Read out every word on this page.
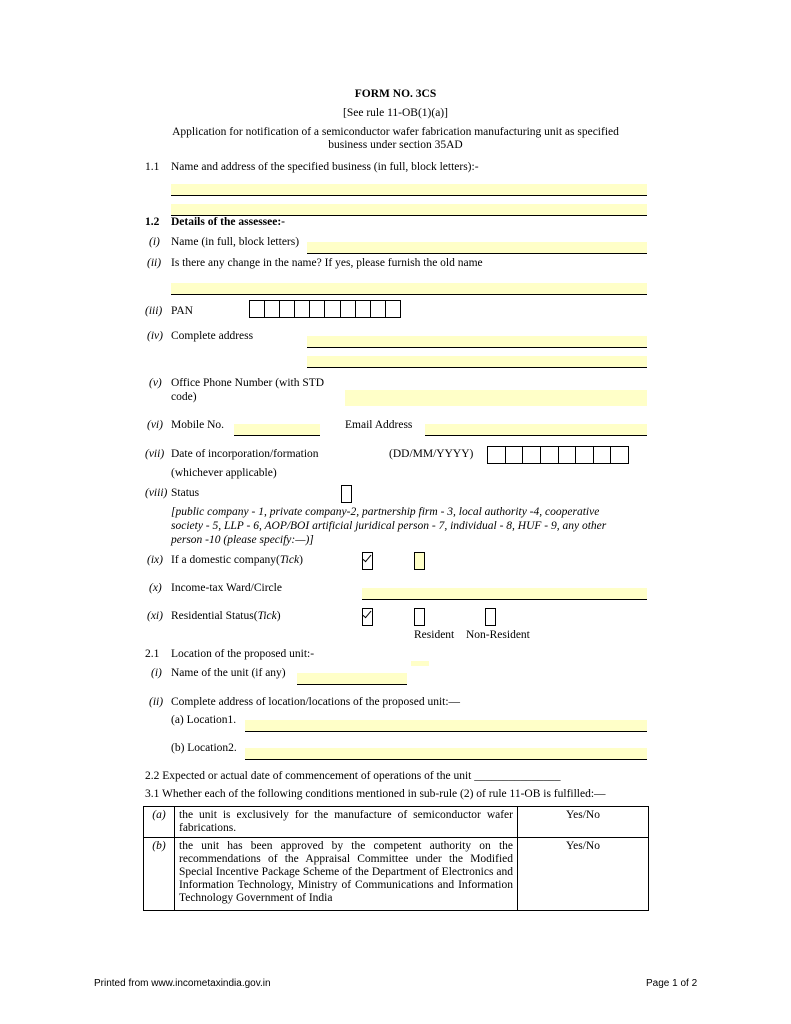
FORM NO. 3CS
[See rule 11-OB(1)(a)]
Application for notification of a semiconductor wafer fabrication manufacturing unit as specified
business under section 35AD
1.1 Name and address of the specified business (in full, block letters):-
1.2 Details of the assessee:-
(i) Name (in full, block letters)
(ii) Is there any change in the name? If yes, please furnish the old name
(iii) PAN
(iv) Complete address
(v) Office Phone Number (with STD
code)
(vi) Mobile No.	Email Address
(vii) Date of incorporation/formation
(whichever applicable)
(DD/MM/YYYY)
(viii) Status
[public company - 1, private company-2, partnership firm - 3, local authority -4, cooperative
society - 5, LLP - 6, AOP/BOI artificial juridical person - 7, individual - 8, HUF - 9, any other
person -10 (please specify:—)]
(ix) If a domestic company(Tick)
(x) Income-tax Ward/Circle
(xi) Residential Status(Tick)
Resident Non-Resident
2.1 Location of the proposed unit:-
(i) Name of the unit (if any)
(ii) Complete address of location/locations of the proposed unit:—
(a) Location1.
(b) Location2.
2.2 Expected or actual date of commencement of operations of the unit _______________
3.1 Whether each of the following conditions mentioned in sub-rule (2) of rule 11-OB is fulfilled:—
(a)	the unit is exclusively for the manufacture of semiconductor wafer fabrications.	Yes/No
(b)	the unit has been approved by the competent authority on the recommendations of the Appraisal Committee under the Modified Special Incentive Package Scheme of the Department of Electronics and Information Technology, Ministry of Communications and Information Technology Government of India	Yes/No
Printed from www.incometaxindia.gov.in	Page 1 of 2
